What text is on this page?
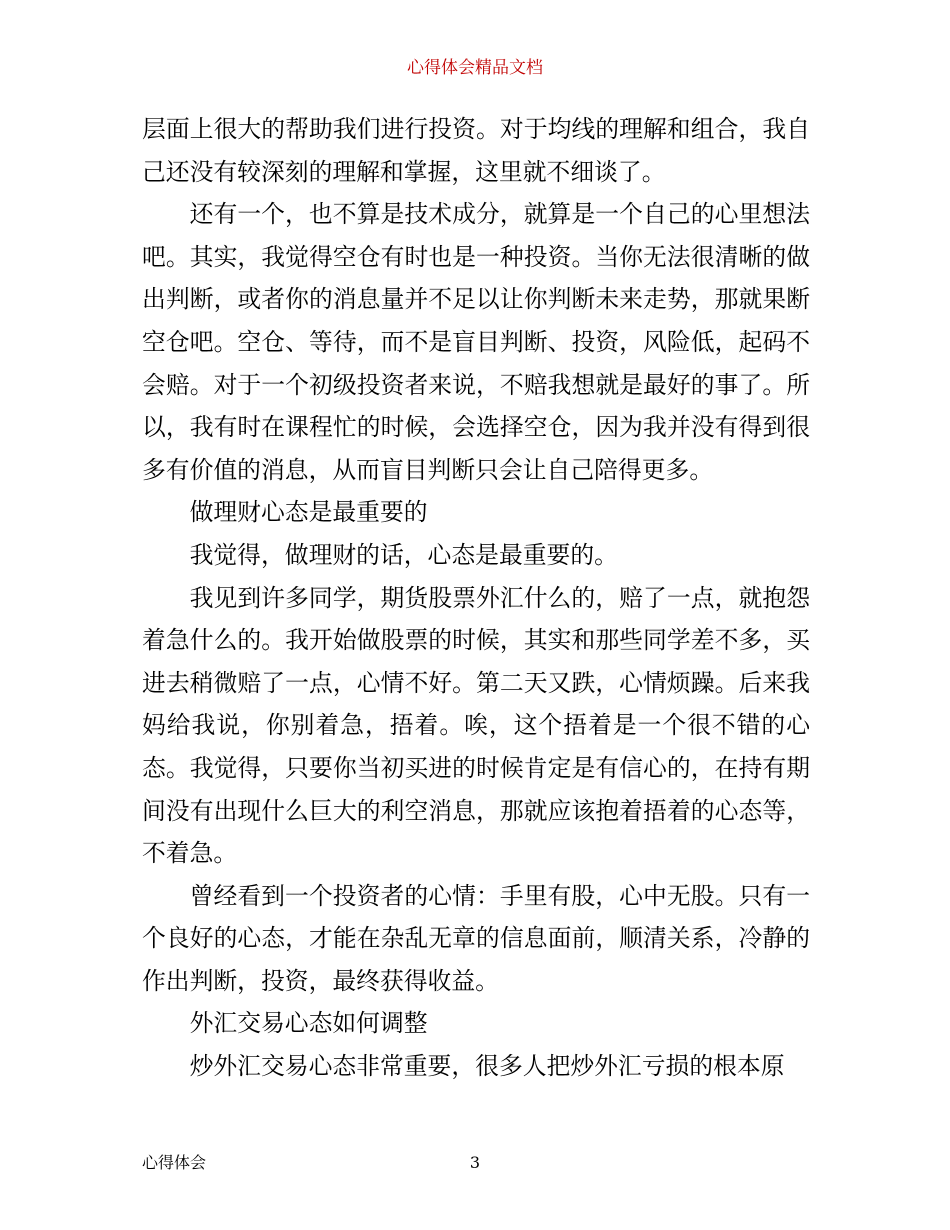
心得体会精品文档

层面上很大的帮助我们进行投资。对于均线的理解和组合，我自己还没有较深刻的理解和掌握，这里就不细谈了。

还有一个，也不算是技术成分，就算是一个自己的心里想法吧。其实，我觉得空仓有时也是一种投资。当你无法很清晰的做出判断，或者你的消息量并不足以让你判断未来走势，那就果断空仓吧。空仓、等待，而不是盲目判断、投资，风险低，起码不会赔。对于一个初级投资者来说，不赔我想就是最好的事了。所以，我有时在课程忙的时候，会选择空仓，因为我并没有得到很多有价值的消息，从而盲目判断只会让自己陪得更多。

做理财心态是最重要的

我觉得，做理财的话，心态是最重要的。

我见到许多同学，期货股票外汇什么的，赔了一点，就抱怨着急什么的。我开始做股票的时候，其实和那些同学差不多，买进去稍微赔了一点，心情不好。第二天又跌，心情烦躁。后来我妈给我说，你别着急，捂着。唉，这个捂着是一个很不错的心态。我觉得，只要你当初买进的时候肯定是有信心的，在持有期间没有出现什么巨大的利空消息，那就应该抱着捂着的心态等，不着急。

曾经看到一个投资者的心情：手里有股，心中无股。只有一个良好的心态，才能在杂乱无章的信息面前，顺清关系，冷静的作出判断，投资，最终获得收益。

外汇交易心态如何调整

炒外汇交易心态非常重要，很多人把炒外汇亏损的根本原

心得体会	3
